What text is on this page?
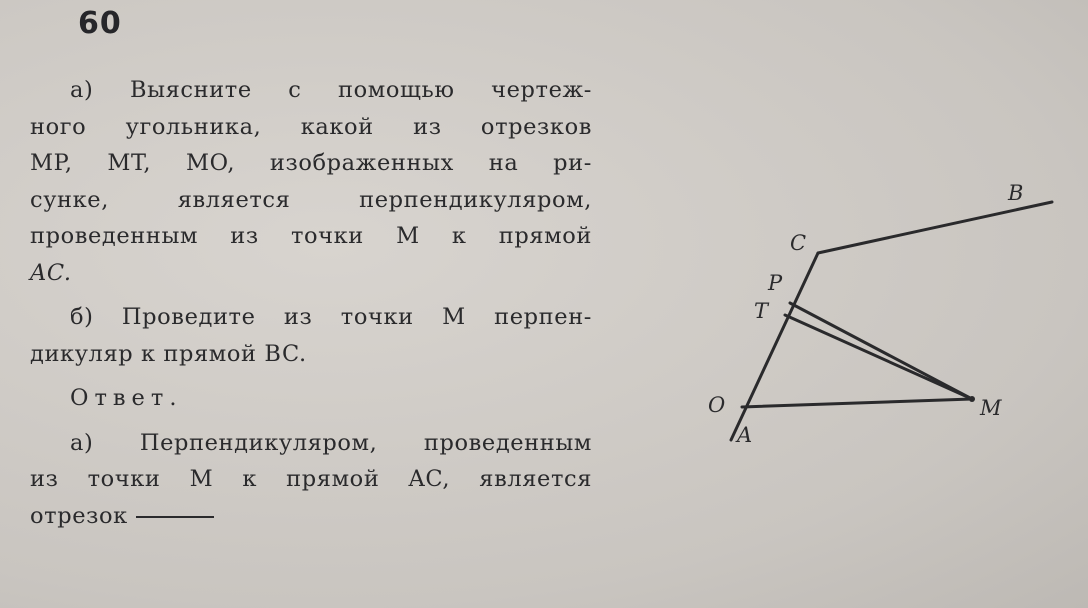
60
а) Выясните с помощью чертеж-
ного угольника, какой из отрезков
MP, MT, MO, изображенных на ри-
сунке, является перпендикуляром,
проведенным из точки M к прямой
AC.
б) Проведите из точки M перпен-
дикуляр к прямой BC.
Ответ.
а) Перпендикуляром, проведенным
из точки M к прямой AC, является
отрезок
B
C
P
T
O
A
M
